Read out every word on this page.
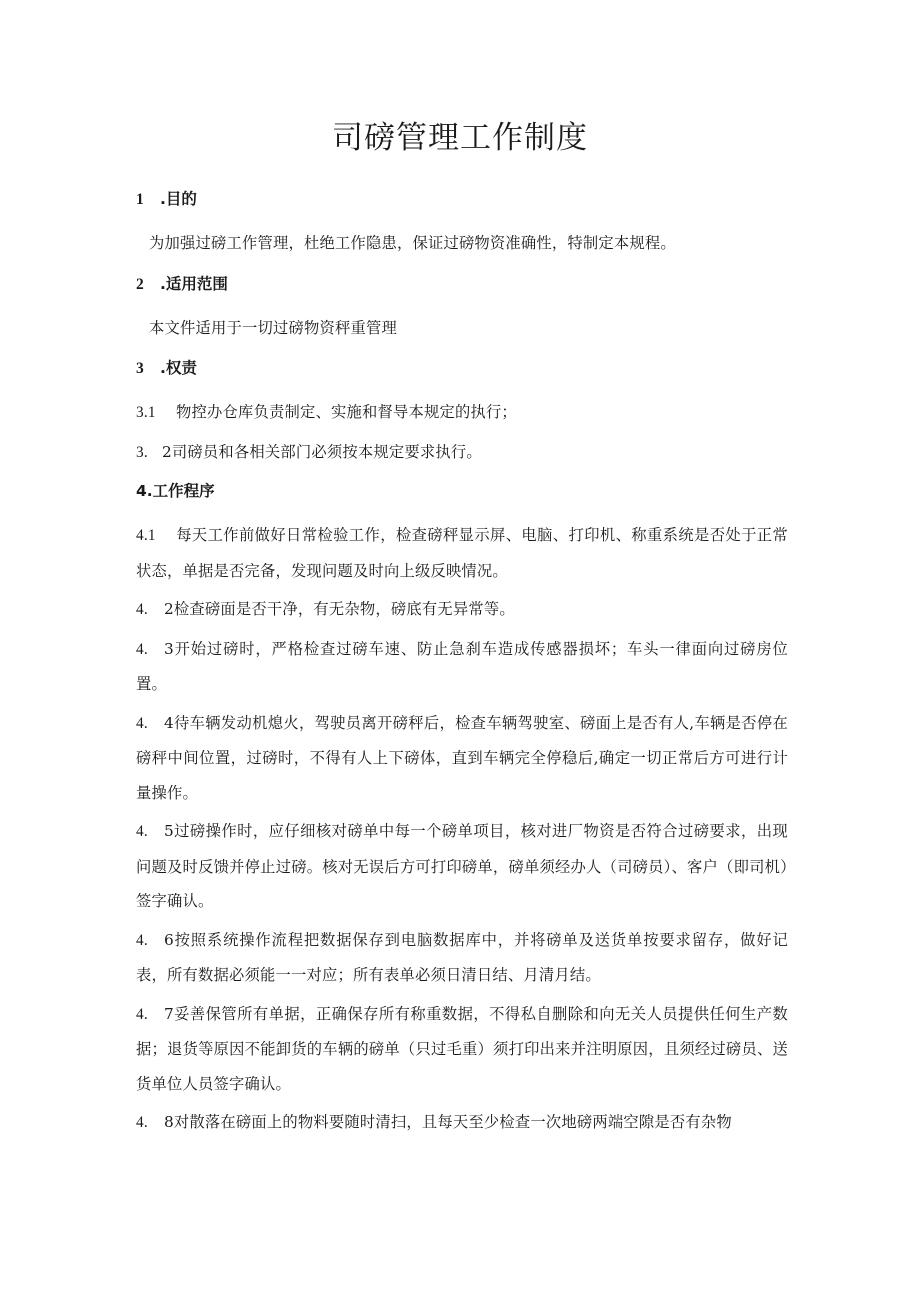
司磅管理工作制度
1 .目的
为加强过磅工作管理，杜绝工作隐患，保证过磅物资准确性，特制定本规程。
2 .适用范围
本文件适用于一切过磅物资秤重管理
3 .权责
3.1 物控办仓库负责制定、实施和督导本规定的执行；
3. 2司磅员和各相关部门必须按本规定要求执行。
4.工作程序
4.1 每天工作前做好日常检验工作，检查磅秤显示屏、电脑、打印机、称重系统是否处于正常状态，单据是否完备，发现问题及时向上级反映情况。
4. 2检查磅面是否干净，有无杂物，磅底有无异常等。
4. 3开始过磅时，严格检查过磅车速、防止急刹车造成传感器损坏；车头一律面向过磅房位置。
4. 4待车辆发动机熄火，驾驶员离开磅秤后，检查车辆驾驶室、磅面上是否有人,车辆是否停在磅秤中间位置，过磅时，不得有人上下磅体，直到车辆完全停稳后,确定一切正常后方可进行计量操作。
4. 5过磅操作时，应仔细核对磅单中每一个磅单项目，核对进厂物资是否符合过磅要求，出现问题及时反馈并停止过磅。核对无误后方可打印磅单，磅单须经办人（司磅员）、客户（即司机）签字确认。
4. 6按照系统操作流程把数据保存到电脑数据库中，并将磅单及送货单按要求留存，做好记表，所有数据必须能一一对应；所有表单必须日清日结、月清月结。
4. 7妥善保管所有单据，正确保存所有称重数据，不得私自删除和向无关人员提供任何生产数据；退货等原因不能卸货的车辆的磅单（只过毛重）须打印出来并注明原因，且须经过磅员、送货单位人员签字确认。
4. 8对散落在磅面上的物料要随时清扫，且每天至少检查一次地磅两端空隙是否有杂物
